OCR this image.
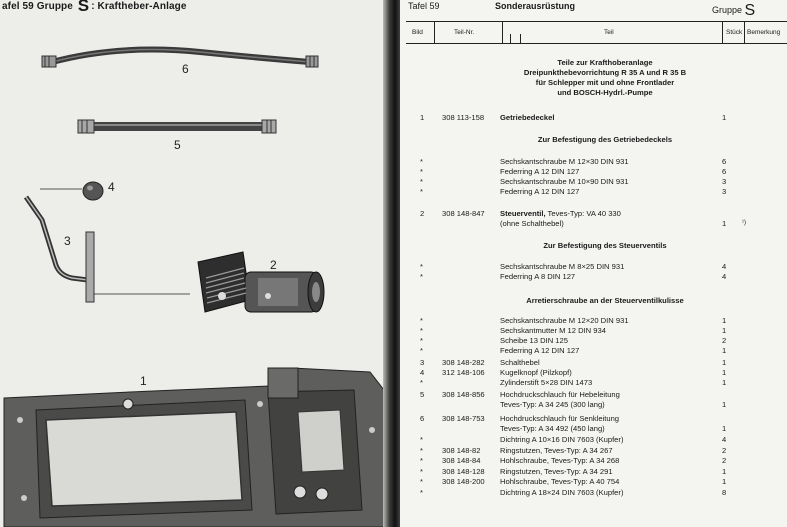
afel 59 Gruppe S : Kraftheber-Anlage
6
5
4
3
2
1
Tafel 59	Sonderausrüstung	Gruppe S
Bild	Teil-Nr.	Teil	Stück Bemerkung
Teile zur Krafthoberanlage
Dreipunkthebevorrichtung R 35 A und R 35 B
für Schlepper mit und ohne Frontlader
und BOSCH-Hydrl.-Pumpe
Zur Befestigung des Getriebedeckels
Zur Befestigung des Steuerventils
Arretierschraube an der Steuerventilkulisse
1 308 113-158 Getriebedeckel	1
*	Sechskantschraube M 12×30 DIN 931	6
*	Federring A 12 DIN 127	6
*	Sechskantschraube M 10×90 DIN 931	3
*	Federring A 12 DIN 127	3
2 308 148-847 Steuerventil, Teves-Typ: VA 40 330
(ohne Schalthebel)	1	¹)
*	Sechskantschraube M 8×25 DIN 931	4
*	Federring A 8 DIN 127	4
*	Sechskantschraube M 12×20 DIN 931	1
*	Sechskantmutter M 12 DIN 934	1
*	Scheibe 13 DIN 125	2
*	Federring A 12 DIN 127	1
3 308 148-282 Schalthebel	1
4 312 148-106 Kugelknopf (Pilzkopf)	1
*	Zylinderstift 5×28 DIN 1473	1
5 308 148-856 Hochdruckschlauch für Hebeleitung
Teves-Typ: A 34 245 (300 lang)	1
6 308 148-753 Hochdruckschlauch für Senkleitung
Teves-Typ: A 34 492 (450 lang)	1
*	Dichtring A 10×16 DIN 7603 (Kupfer)	4
*	308 148-82	Ringstutzen, Teves-Typ: A 34 267	2
*	308 148-84	Hohlschraube, Teves-Typ: A 34 268	2
*	308 148-128 Ringstutzen, Teves-Typ: A 34 291	1
*	308 148-200 Hohlschraube, Teves-Typ: A 40 754	1
*	Dichtring A 18×24 DIN 7603 (Kupfer)	8
